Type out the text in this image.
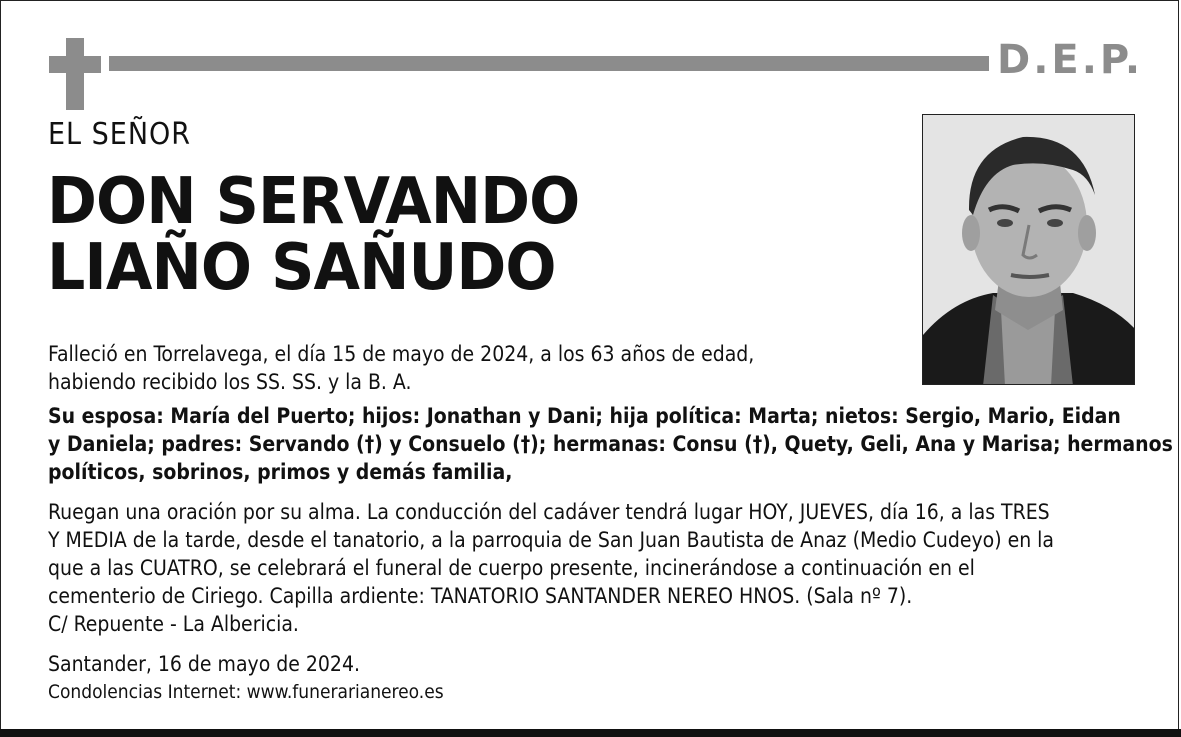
D.E.P.
EL SEÑOR
DON SERVANDO
LIAÑO SAÑUDO
Falleció en Torrelavega, el día 15 de mayo de 2024, a los 63 años de edad,
habiendo recibido los SS. SS. y la B. A.
Su esposa: María del Puerto; hijos: Jonathan y Dani; hija política: Marta; nietos: Sergio, Mario, Eidan
y Daniela; padres: Servando (†) y Consuelo (†); hermanas: Consu (†), Quety, Geli, Ana y Marisa; hermanos
políticos, sobrinos, primos y demás familia,
Ruegan una oración por su alma. La conducción del cadáver tendrá lugar HOY, JUEVES, día 16, a las TRES
Y MEDIA de la tarde, desde el tanatorio, a la parroquia de San Juan Bautista de Anaz (Medio Cudeyo) en la
que a las CUATRO, se celebrará el funeral de cuerpo presente, incinerándose a continuación en el
cementerio de Ciriego. Capilla ardiente: TANATORIO SANTANDER NEREO HNOS. (Sala nº 7).
C/ Repuente - La Albericia.
Santander, 16 de mayo de 2024.
Condolencias Internet: www.funerarianereo.es
